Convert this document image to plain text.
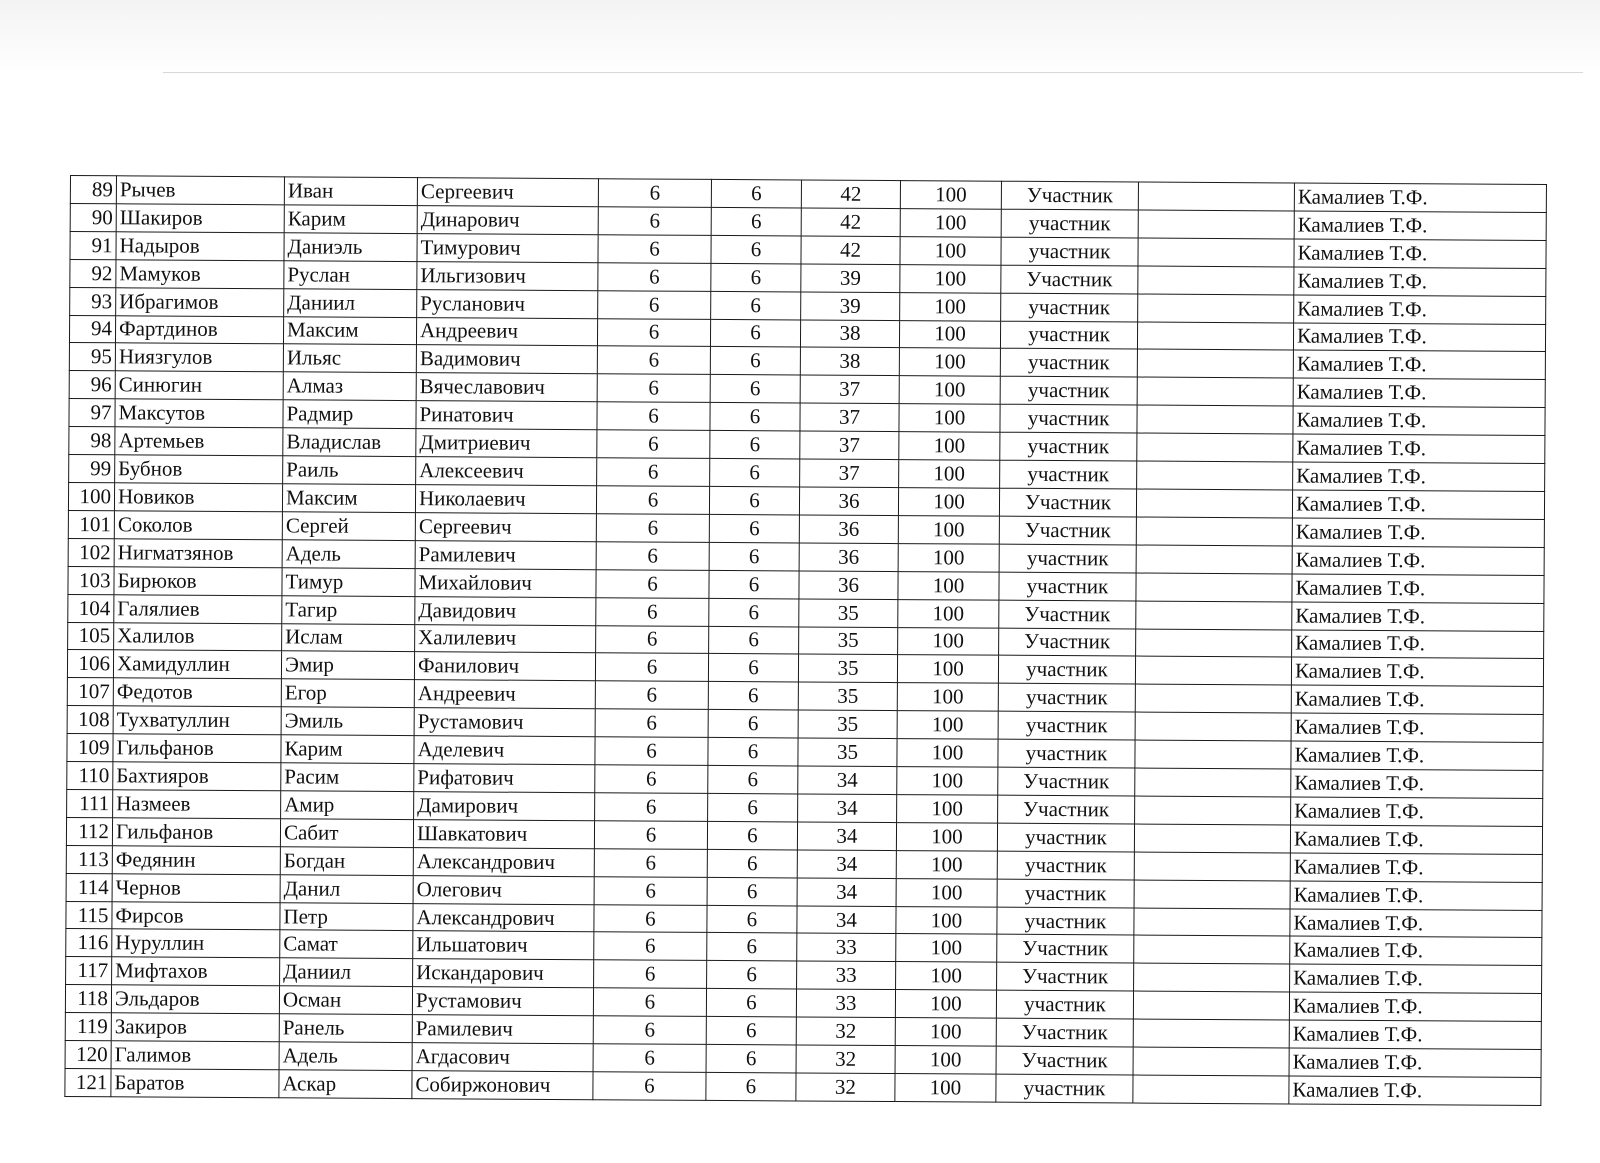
89	Рычев	Иван	Сергеевич	6	6	42	100	Участник		Камалиев Т.Ф.
90	Шакиров	Карим	Динарович	6	6	42	100	участник		Камалиев Т.Ф.
91	Надыров	Даниэль	Тимурович	6	6	42	100	участник		Камалиев Т.Ф.
92	Мамуков	Руслан	Ильгизович	6	6	39	100	Участник		Камалиев Т.Ф.
93	Ибрагимов	Даниил	Русланович	6	6	39	100	участник		Камалиев Т.Ф.
94	Фартдинов	Максим	Андреевич	6	6	38	100	участник		Камалиев Т.Ф.
95	Ниязгулов	Ильяс	Вадимович	6	6	38	100	участник		Камалиев Т.Ф.
96	Синюгин	Алмаз	Вячеславович	6	6	37	100	участник		Камалиев Т.Ф.
97	Максутов	Радмир	Ринатович	6	6	37	100	участник		Камалиев Т.Ф.
98	Артемьев	Владислав	Дмитриевич	6	6	37	100	участник		Камалиев Т.Ф.
99	Бубнов	Раиль	Алексеевич	6	6	37	100	участник		Камалиев Т.Ф.
100	Новиков	Максим	Николаевич	6	6	36	100	Участник		Камалиев Т.Ф.
101	Соколов	Сергей	Сергеевич	6	6	36	100	Участник		Камалиев Т.Ф.
102	Нигматзянов	Адель	Рамилевич	6	6	36	100	участник		Камалиев Т.Ф.
103	Бирюков	Тимур	Михайлович	6	6	36	100	участник		Камалиев Т.Ф.
104	Галялиев	Тагир	Давидович	6	6	35	100	Участник		Камалиев Т.Ф.
105	Халилов	Ислам	Халилевич	6	6	35	100	Участник		Камалиев Т.Ф.
106	Хамидуллин	Эмир	Фанилович	6	6	35	100	участник		Камалиев Т.Ф.
107	Федотов	Егор	Андреевич	6	6	35	100	участник		Камалиев Т.Ф.
108	Тухватуллин	Эмиль	Рустамович	6	6	35	100	участник		Камалиев Т.Ф.
109	Гильфанов	Карим	Аделевич	6	6	35	100	участник		Камалиев Т.Ф.
110	Бахтияров	Расим	Рифатович	6	6	34	100	Участник		Камалиев Т.Ф.
111	Назмеев	Амир	Дамирович	6	6	34	100	Участник		Камалиев Т.Ф.
112	Гильфанов	Сабит	Шавкатович	6	6	34	100	участник		Камалиев Т.Ф.
113	Федянин	Богдан	Александрович	6	6	34	100	участник		Камалиев Т.Ф.
114	Чернов	Данил	Олегович	6	6	34	100	участник		Камалиев Т.Ф.
115	Фирсов	Петр	Александрович	6	6	34	100	участник		Камалиев Т.Ф.
116	Нуруллин	Самат	Ильшатович	6	6	33	100	Участник		Камалиев Т.Ф.
117	Мифтахов	Даниил	Искандарович	6	6	33	100	Участник		Камалиев Т.Ф.
118	Эльдаров	Осман	Рустамович	6	6	33	100	участник		Камалиев Т.Ф.
119	Закиров	Ранель	Рамилевич	6	6	32	100	Участник		Камалиев Т.Ф.
120	Галимов	Адель	Агдасович	6	6	32	100	Участник		Камалиев Т.Ф.
121	Баратов	Аскар	Собиржонович	6	6	32	100	участник		Камалиев Т.Ф.
